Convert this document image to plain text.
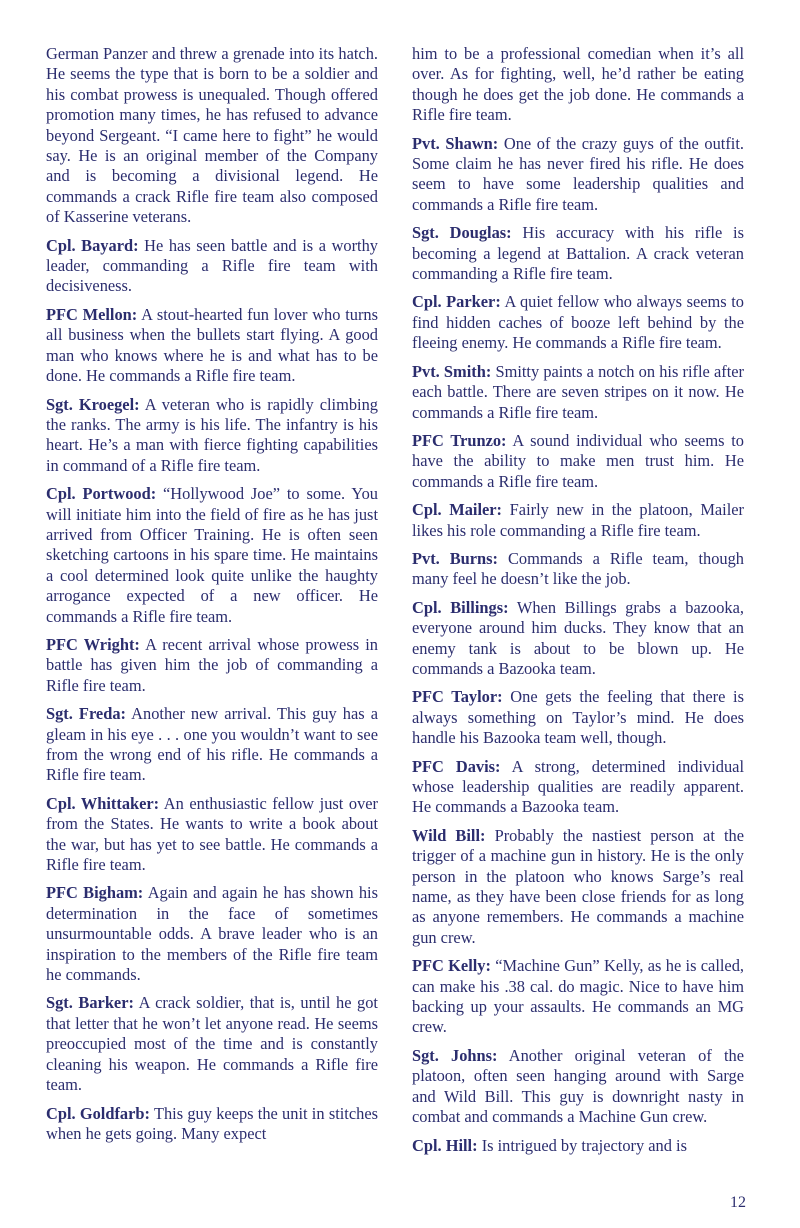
German Panzer and threw a grenade into its hatch. He seems the type that is born to be a soldier and his combat prowess is unequaled. Though offered promotion many times, he has refused to advance beyond Sergeant. “I came here to fight” he would say. He is an original member of the Company and is becoming a divisional legend. He commands a crack Rifle fire team also composed of Kasserine veterans.

Cpl. Bayard: He has seen battle and is a worthy leader, commanding a Rifle fire team with decisiveness.

PFC Mellon: A stout-hearted fun lover who turns all business when the bullets start flying. A good man who knows where he is and what has to be done. He commands a Rifle fire team.

Sgt. Kroegel: A veteran who is rapidly climbing the ranks. The army is his life. The infantry is his heart. He’s a man with fierce fighting capabilities in command of a Rifle fire team.

Cpl. Portwood: “Hollywood Joe” to some. You will initiate him into the field of fire as he has just arrived from Officer Training. He is often seen sketching cartoons in his spare time. He maintains a cool determined look quite unlike the haughty arrogance expected of a new officer. He commands a Rifle fire team.

PFC Wright: A recent arrival whose prowess in battle has given him the job of commanding a Rifle fire team.

Sgt. Freda: Another new arrival. This guy has a gleam in his eye . . . one you wouldn’t want to see from the wrong end of his rifle. He commands a Rifle fire team.

Cpl. Whittaker: An enthusiastic fellow just over from the States. He wants to write a book about the war, but has yet to see battle. He commands a Rifle fire team.

PFC Bigham: Again and again he has shown his determination in the face of sometimes unsurmountable odds. A brave leader who is an inspiration to the members of the Rifle fire team he commands.

Sgt. Barker: A crack soldier, that is, until he got that letter that he won’t let anyone read. He seems preoccupied most of the time and is constantly cleaning his weapon. He commands a Rifle fire team.

Cpl. Goldfarb: This guy keeps the unit in stitches when he gets going. Many expect

him to be a professional comedian when it’s all over. As for fighting, well, he’d rather be eating though he does get the job done. He commands a Rifle fire team.

Pvt. Shawn: One of the crazy guys of the outfit. Some claim he has never fired his rifle. He does seem to have some leadership qualities and commands a Rifle fire team.

Sgt. Douglas: His accuracy with his rifle is becoming a legend at Battalion. A crack veteran commanding a Rifle fire team.

Cpl. Parker: A quiet fellow who always seems to find hidden caches of booze left behind by the fleeing enemy. He commands a Rifle fire team.

Pvt. Smith: Smitty paints a notch on his rifle after each battle. There are seven stripes on it now. He commands a Rifle fire team.

PFC Trunzo: A sound individual who seems to have the ability to make men trust him. He commands a Rifle fire team.

Cpl. Mailer: Fairly new in the platoon, Mailer likes his role commanding a Rifle fire team.

Pvt. Burns: Commands a Rifle team, though many feel he doesn’t like the job.

Cpl. Billings: When Billings grabs a bazooka, everyone around him ducks. They know that an enemy tank is about to be blown up. He commands a Bazooka team.

PFC Taylor: One gets the feeling that there is always something on Taylor’s mind. He does handle his Bazooka team well, though.

PFC Davis: A strong, determined individual whose leadership qualities are readily apparent. He commands a Bazooka team.

Wild Bill: Probably the nastiest person at the trigger of a machine gun in history. He is the only person in the platoon who knows Sarge’s real name, as they have been close friends for as long as anyone remembers. He commands a machine gun crew.

PFC Kelly: “Machine Gun” Kelly, as he is called, can make his .38 cal. do magic. Nice to have him backing up your assaults. He commands an MG crew.

Sgt. Johns: Another original veteran of the platoon, often seen hanging around with Sarge and Wild Bill. This guy is downright nasty in combat and commands a Machine Gun crew.

Cpl. Hill: Is intrigued by trajectory and is

12
